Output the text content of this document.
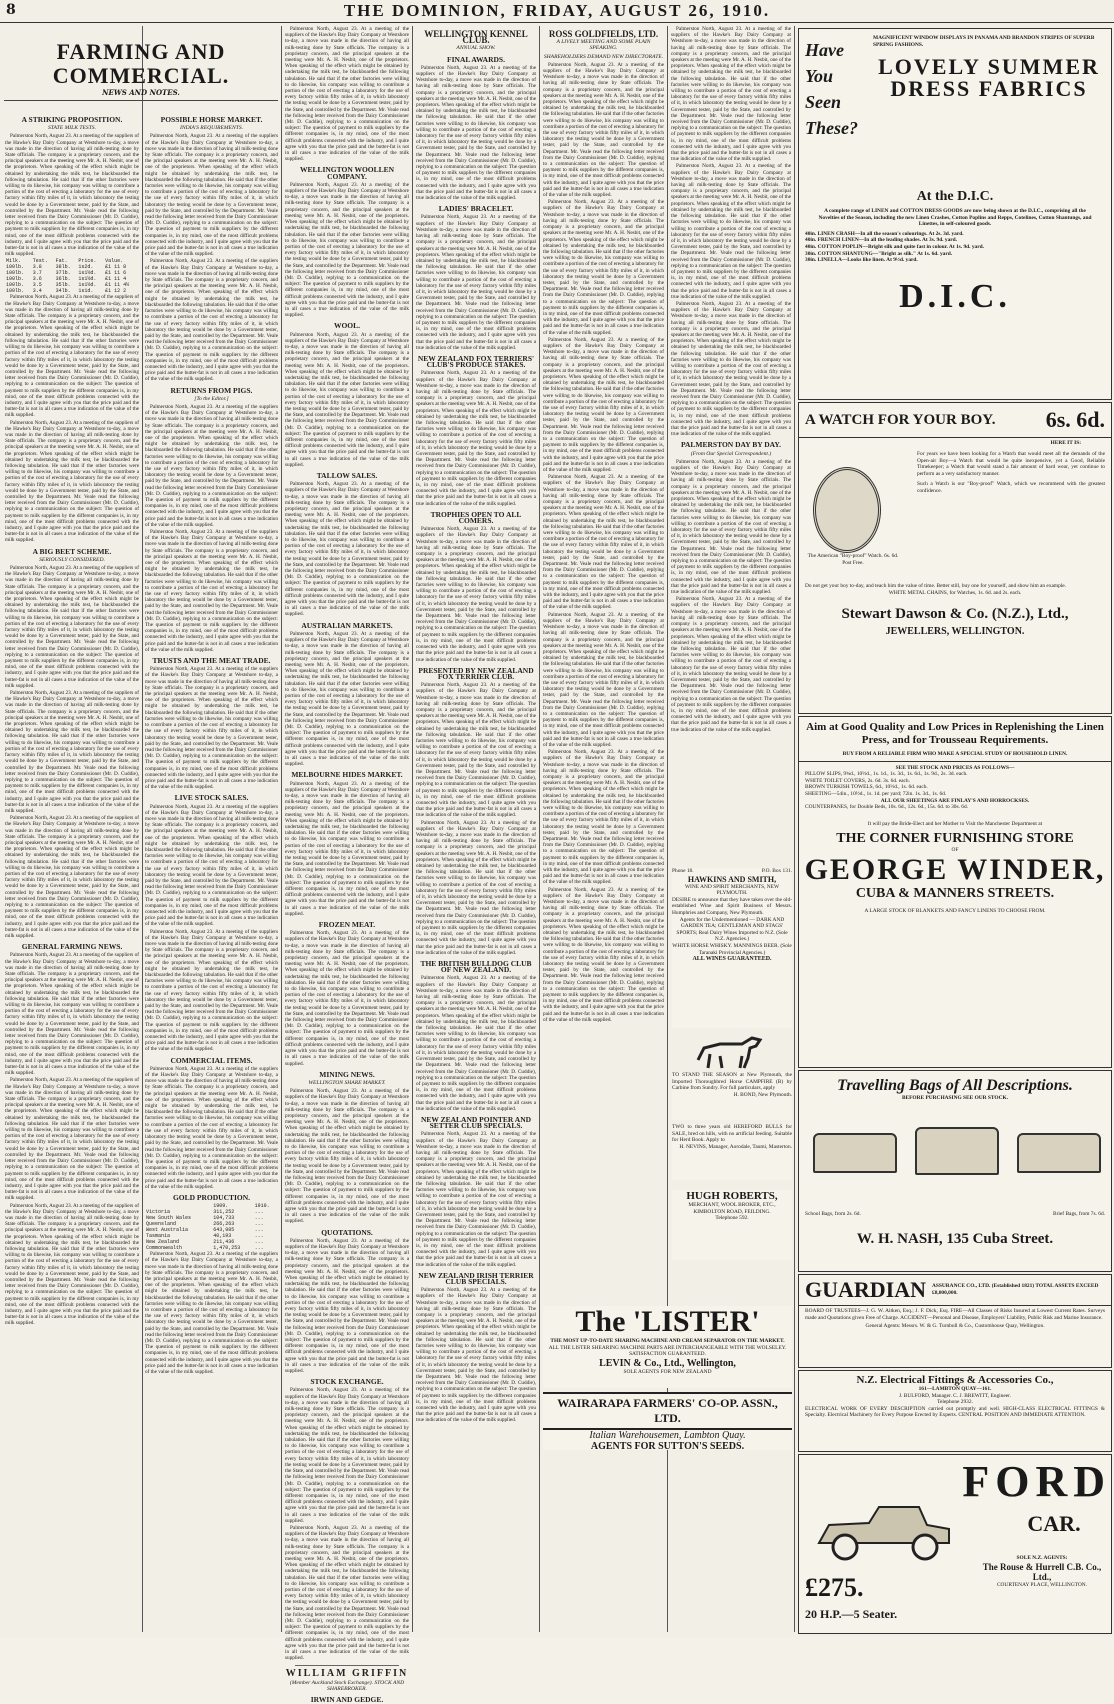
8	THE DOMINION, FRIDAY, AUGUST 26, 1910.
FARMING AND COMMERCIAL.
NEWS AND NOTES.
A STRIKING PROPOSITION.
STATE MILK TESTS.

Palmerston North, August 23. At a meeting of the suppliers of the Hawke's Bay Dairy Company at Westshore to-day, a move was made in the direction of having all milk-testing done by State officials. The company is a proprietary concern, and the principal speakers at the meeting were Mr. A. H. Nesbit, one of the proprietors. When speaking of the effect which might be obtained by undertaking the milk test, he blackboarded the following tabulation. He said that if the other factories were willing to do likewise, his company was willing to contribute a portion of the cost of erecting a laboratory for the use of every factory within fifty miles of it, in which laboratory the testing would be done by a Government tester, paid by the State, and controlled by the Department. Mr. Veale read the following letter received from the Dairy Commissioner (Mr. D. Cuddie), replying to a communication on the subject: The question of payment to milk suppliers by the different companies is, in my mind, one of the most difficult problems connected with the industry, and I quite agree with you that the price paid and the butter-fat is not in all cases a true indication of the value of the milk supplied.

Milk.	Test.	Fat.	Price.	Value.
100lb.	3.8	38lb.	1s2d.	£1 11 8
100lb.	3.7	37lb.	1s1½d.	£1 11 6
100lb.	3.6	36lb.	1s1½d.	£1 11 4
100lb.	3.5	35lb.	1s1½d.	£1 11 4½
100lb.	3.4	34lb.	1s1d.	£1 12 2

Palmerston North, August 23. At a meeting of the suppliers of the Hawke's Bay Dairy Company at Westshore to-day, a move was made in the direction of having all milk-testing done by State officials. The company is a proprietary concern, and the principal speakers at the meeting were Mr. A. H. Nesbit, one of the proprietors. When speaking of the effect which might be obtained by undertaking the milk test, he blackboarded the following tabulation. He said that if the other factories were willing to do likewise, his company was willing to contribute a portion of the cost of erecting a laboratory for the use of every factory within fifty miles of it, in which laboratory the testing would be done by a Government tester, paid by the State, and controlled by the Department. Mr. Veale read the following letter received from the Dairy Commissioner (Mr. D. Cuddie), replying to a communication on the subject: The question of payment to milk suppliers by the different companies is, in my mind, one of the most difficult problems connected with the industry, and I quite agree with you that the price paid and the butter-fat is not in all cases a true indication of the value of the milk supplied.

Palmerston North, August 23. At a meeting of the suppliers of the Hawke's Bay Dairy Company at Westshore to-day, a move was made in the direction of having all milk-testing done by State officials. The company is a proprietary concern, and the principal speakers at the meeting were Mr. A. H. Nesbit, one of the proprietors. When speaking of the effect which might be obtained by undertaking the milk test, he blackboarded the following tabulation. He said that if the other factories were willing to do likewise, his company was willing to contribute a portion of the cost of erecting a laboratory for the use of every factory within fifty miles of it, in which laboratory the testing would be done by a Government tester, paid by the State, and controlled by the Department. Mr. Veale read the following letter received from the Dairy Commissioner (Mr. D. Cuddie), replying to a communication on the subject: The question of payment to milk suppliers by the different companies is, in my mind, one of the most difficult problems connected with the industry, and I quite agree with you that the price paid and the butter-fat is not in all cases a true indication of the value of the milk supplied.

A BIG BEET SCHEME.
SERIOUSLY CONSIDERED.

Palmerston North, August 23. At a meeting of the suppliers of the Hawke's Bay Dairy Company at Westshore to-day, a move was made in the direction of having all milk-testing done by State officials. The company is a proprietary concern, and the principal speakers at the meeting were Mr. A. H. Nesbit, one of the proprietors. When speaking of the effect which might be obtained by undertaking the milk test, he blackboarded the following tabulation. He said that if the other factories were willing to do likewise, his company was willing to contribute a portion of the cost of erecting a laboratory for the use of every factory within fifty miles of it, in which laboratory the testing would be done by a Government tester, paid by the State, and controlled by the Department. Mr. Veale read the following letter received from the Dairy Commissioner (Mr. D. Cuddie), replying to a communication on the subject: The question of payment to milk suppliers by the different companies is, in my mind, one of the most difficult problems connected with the industry, and I quite agree with you that the price paid and the butter-fat is not in all cases a true indication of the value of the milk supplied.

Palmerston North, August 23. At a meeting of the suppliers of the Hawke's Bay Dairy Company at Westshore to-day, a move was made in the direction of having all milk-testing done by State officials. The company is a proprietary concern, and the principal speakers at the meeting were Mr. A. H. Nesbit, one of the proprietors. When speaking of the effect which might be obtained by undertaking the milk test, he blackboarded the following tabulation. He said that if the other factories were willing to do likewise, his company was willing to contribute a portion of the cost of erecting a laboratory for the use of every factory within fifty miles of it, in which laboratory the testing would be done by a Government tester, paid by the State, and controlled by the Department. Mr. Veale read the following letter received from the Dairy Commissioner (Mr. D. Cuddie), replying to a communication on the subject: The question of payment to milk suppliers by the different companies is, in my mind, one of the most difficult problems connected with the industry, and I quite agree with you that the price paid and the butter-fat is not in all cases a true indication of the value of the milk supplied.

Palmerston North, August 23. At a meeting of the suppliers of the Hawke's Bay Dairy Company at Westshore to-day, a move was made in the direction of having all milk-testing done by State officials. The company is a proprietary concern, and the principal speakers at the meeting were Mr. A. H. Nesbit, one of the proprietors. When speaking of the effect which might be obtained by undertaking the milk test, he blackboarded the following tabulation. He said that if the other factories were willing to do likewise, his company was willing to contribute a portion of the cost of erecting a laboratory for the use of every factory within fifty miles of it, in which laboratory the testing would be done by a Government tester, paid by the State, and controlled by the Department. Mr. Veale read the following letter received from the Dairy Commissioner (Mr. D. Cuddie), replying to a communication on the subject: The question of payment to milk suppliers by the different companies is, in my mind, one of the most difficult problems connected with the industry, and I quite agree with you that the price paid and the butter-fat is not in all cases a true indication of the value of the milk supplied.

GENERAL FARMING NEWS.

Palmerston North, August 23. At a meeting of the suppliers of the Hawke's Bay Dairy Company at Westshore to-day, a move was made in the direction of having all milk-testing done by State officials. The company is a proprietary concern, and the principal speakers at the meeting were Mr. A. H. Nesbit, one of the proprietors. When speaking of the effect which might be obtained by undertaking the milk test, he blackboarded the following tabulation. He said that if the other factories were willing to do likewise, his company was willing to contribute a portion of the cost of erecting a laboratory for the use of every factory within fifty miles of it, in which laboratory the testing would be done by a Government tester, paid by the State, and controlled by the Department. Mr. Veale read the following letter received from the Dairy Commissioner (Mr. D. Cuddie), replying to a communication on the subject: The question of payment to milk suppliers by the different companies is, in my mind, one of the most difficult problems connected with the industry, and I quite agree with you that the price paid and the butter-fat is not in all cases a true indication of the value of the milk supplied.

Palmerston North, August 23. At a meeting of the suppliers of the Hawke's Bay Dairy Company at Westshore to-day, a move was made in the direction of having all milk-testing done by State officials. The company is a proprietary concern, and the principal speakers at the meeting were Mr. A. H. Nesbit, one of the proprietors. When speaking of the effect which might be obtained by undertaking the milk test, he blackboarded the following tabulation. He said that if the other factories were willing to do likewise, his company was willing to contribute a portion of the cost of erecting a laboratory for the use of every factory within fifty miles of it, in which laboratory the testing would be done by a Government tester, paid by the State, and controlled by the Department. Mr. Veale read the following letter received from the Dairy Commissioner (Mr. D. Cuddie), replying to a communication on the subject: The question of payment to milk suppliers by the different companies is, in my mind, one of the most difficult problems connected with the industry, and I quite agree with you that the price paid and the butter-fat is not in all cases a true indication of the value of the milk supplied.

Palmerston North, August 23. At a meeting of the suppliers of the Hawke's Bay Dairy Company at Westshore to-day, a move was made in the direction of having all milk-testing done by State officials. The company is a proprietary concern, and the principal speakers at the meeting were Mr. A. H. Nesbit, one of the proprietors. When speaking of the effect which might be obtained by undertaking the milk test, he blackboarded the following tabulation. He said that if the other factories were willing to do likewise, his company was willing to contribute a portion of the cost of erecting a laboratory for the use of every factory within fifty miles of it, in which laboratory the testing would be done by a Government tester, paid by the State, and controlled by the Department. Mr. Veale read the following letter received from the Dairy Commissioner (Mr. D. Cuddie), replying to a communication on the subject: The question of payment to milk suppliers by the different companies is, in my mind, one of the most difficult problems connected with the industry, and I quite agree with you that the price paid and the butter-fat is not in all cases a true indication of the value of the milk supplied.

POSSIBLE HORSE MARKET.
INDIA'S REQUIREMENTS.

Palmerston North, August 23. At a meeting of the suppliers of the Hawke's Bay Dairy Company at Westshore to-day, a move was made in the direction of having all milk-testing done by State officials. The company is a proprietary concern, and the principal speakers at the meeting were Mr. A. H. Nesbit, one of the proprietors. When speaking of the effect which might be obtained by undertaking the milk test, he blackboarded the following tabulation. He said that if the other factories were willing to do likewise, his company was willing to contribute a portion of the cost of erecting a laboratory for the use of every factory within fifty miles of it, in which laboratory the testing would be done by a Government tester, paid by the State, and controlled by the Department. Mr. Veale read the following letter received from the Dairy Commissioner (Mr. D. Cuddie), replying to a communication on the subject: The question of payment to milk suppliers by the different companies is, in my mind, one of the most difficult problems connected with the industry, and I quite agree with you that the price paid and the butter-fat is not in all cases a true indication of the value of the milk supplied.

Palmerston North, August 23. At a meeting of the suppliers of the Hawke's Bay Dairy Company at Westshore to-day, a move was made in the direction of having all milk-testing done by State officials. The company is a proprietary concern, and the principal speakers at the meeting were Mr. A. H. Nesbit, one of the proprietors. When speaking of the effect which might be obtained by undertaking the milk test, he blackboarded the following tabulation. He said that if the other factories were willing to do likewise, his company was willing to contribute a portion of the cost of erecting a laboratory for the use of every factory within fifty miles of it, in which laboratory the testing would be done by a Government tester, paid by the State, and controlled by the Department. Mr. Veale read the following letter received from the Dairy Commissioner (Mr. D. Cuddie), replying to a communication on the subject: The question of payment to milk suppliers by the different companies is, in my mind, one of the most difficult problems connected with the industry, and I quite agree with you that the price paid and the butter-fat is not in all cases a true indication of the value of the milk supplied.

RETURNS FROM PIGS.
[To the Editor.]

Palmerston North, August 23. At a meeting of the suppliers of the Hawke's Bay Dairy Company at Westshore to-day, a move was made in the direction of having all milk-testing done by State officials. The company is a proprietary concern, and the principal speakers at the meeting were Mr. A. H. Nesbit, one of the proprietors. When speaking of the effect which might be obtained by undertaking the milk test, he blackboarded the following tabulation. He said that if the other factories were willing to do likewise, his company was willing to contribute a portion of the cost of erecting a laboratory for the use of every factory within fifty miles of it, in which laboratory the testing would be done by a Government tester, paid by the State, and controlled by the Department. Mr. Veale read the following letter received from the Dairy Commissioner (Mr. D. Cuddie), replying to a communication on the subject: The question of payment to milk suppliers by the different companies is, in my mind, one of the most difficult problems connected with the industry, and I quite agree with you that the price paid and the butter-fat is not in all cases a true indication of the value of the milk supplied.

Palmerston North, August 23. At a meeting of the suppliers of the Hawke's Bay Dairy Company at Westshore to-day, a move was made in the direction of having all milk-testing done by State officials. The company is a proprietary concern, and the principal speakers at the meeting were Mr. A. H. Nesbit, one of the proprietors. When speaking of the effect which might be obtained by undertaking the milk test, he blackboarded the following tabulation. He said that if the other factories were willing to do likewise, his company was willing to contribute a portion of the cost of erecting a laboratory for the use of every factory within fifty miles of it, in which laboratory the testing would be done by a Government tester, paid by the State, and controlled by the Department. Mr. Veale read the following letter received from the Dairy Commissioner (Mr. D. Cuddie), replying to a communication on the subject: The question of payment to milk suppliers by the different companies is, in my mind, one of the most difficult problems connected with the industry, and I quite agree with you that the price paid and the butter-fat is not in all cases a true indication of the value of the milk supplied.

TRUSTS AND THE MEAT TRADE.

Palmerston North, August 23. At a meeting of the suppliers of the Hawke's Bay Dairy Company at Westshore to-day, a move was made in the direction of having all milk-testing done by State officials. The company is a proprietary concern, and the principal speakers at the meeting were Mr. A. H. Nesbit, one of the proprietors. When speaking of the effect which might be obtained by undertaking the milk test, he blackboarded the following tabulation. He said that if the other factories were willing to do likewise, his company was willing to contribute a portion of the cost of erecting a laboratory for the use of every factory within fifty miles of it, in which laboratory the testing would be done by a Government tester, paid by the State, and controlled by the Department. Mr. Veale read the following letter received from the Dairy Commissioner (Mr. D. Cuddie), replying to a communication on the subject: The question of payment to milk suppliers by the different companies is, in my mind, one of the most difficult problems connected with the industry, and I quite agree with you that the price paid and the butter-fat is not in all cases a true indication of the value of the milk supplied.

LIVE STOCK SALES.

Palmerston North, August 23. At a meeting of the suppliers of the Hawke's Bay Dairy Company at Westshore to-day, a move was made in the direction of having all milk-testing done by State officials. The company is a proprietary concern, and the principal speakers at the meeting were Mr. A. H. Nesbit, one of the proprietors. When speaking of the effect which might be obtained by undertaking the milk test, he blackboarded the following tabulation. He said that if the other factories were willing to do likewise, his company was willing to contribute a portion of the cost of erecting a laboratory for the use of every factory within fifty miles of it, in which laboratory the testing would be done by a Government tester, paid by the State, and controlled by the Department. Mr. Veale read the following letter received from the Dairy Commissioner (Mr. D. Cuddie), replying to a communication on the subject: The question of payment to milk suppliers by the different companies is, in my mind, one of the most difficult problems connected with the industry, and I quite agree with you that the price paid and the butter-fat is not in all cases a true indication of the value of the milk supplied.

Palmerston North, August 23. At a meeting of the suppliers of the Hawke's Bay Dairy Company at Westshore to-day, a move was made in the direction of having all milk-testing done by State officials. The company is a proprietary concern, and the principal speakers at the meeting were Mr. A. H. Nesbit, one of the proprietors. When speaking of the effect which might be obtained by undertaking the milk test, he blackboarded the following tabulation. He said that if the other factories were willing to do likewise, his company was willing to contribute a portion of the cost of erecting a laboratory for the use of every factory within fifty miles of it, in which laboratory the testing would be done by a Government tester, paid by the State, and controlled by the Department. Mr. Veale read the following letter received from the Dairy Commissioner (Mr. D. Cuddie), replying to a communication on the subject: The question of payment to milk suppliers by the different companies is, in my mind, one of the most difficult problems connected with the industry, and I quite agree with you that the price paid and the butter-fat is not in all cases a true indication of the value of the milk supplied.

COMMERCIAL ITEMS.

Palmerston North, August 23. At a meeting of the suppliers of the Hawke's Bay Dairy Company at Westshore to-day, a move was made in the direction of having all milk-testing done by State officials. The company is a proprietary concern, and the principal speakers at the meeting were Mr. A. H. Nesbit, one of the proprietors. When speaking of the effect which might be obtained by undertaking the milk test, he blackboarded the following tabulation. He said that if the other factories were willing to do likewise, his company was willing to contribute a portion of the cost of erecting a laboratory for the use of every factory within fifty miles of it, in which laboratory the testing would be done by a Government tester, paid by the State, and controlled by the Department. Mr. Veale read the following letter received from the Dairy Commissioner (Mr. D. Cuddie), replying to a communication on the subject: The question of payment to milk suppliers by the different companies is, in my mind, one of the most difficult problems connected with the industry, and I quite agree with you that the price paid and the butter-fat is not in all cases a true indication of the value of the milk supplied.

GOLD PRODUCTION.
	1909.	1910.
Victoria	311,252	...
New South Wales	104,733	...
Queensland	266,263	...
West Australia	643,985	...
Tasmania	40,193	...
New Zealand	211,436	...
Commonwealth	1,470,253	...

Palmerston North, August 23. At a meeting of the suppliers of the Hawke's Bay Dairy Company at Westshore to-day, a move was made in the direction of having all milk-testing done by State officials. The company is a proprietary concern, and the principal speakers at the meeting were Mr. A. H. Nesbit, one of the proprietors. When speaking of the effect which might be obtained by undertaking the milk test, he blackboarded the following tabulation. He said that if the other factories were willing to do likewise, his company was willing to contribute a portion of the cost of erecting a laboratory for the use of every factory within fifty miles of it, in which laboratory the testing would be done by a Government tester, paid by the State, and controlled by the Department. Mr. Veale read the following letter received from the Dairy Commissioner (Mr. D. Cuddie), replying to a communication on the subject: The question of payment to milk suppliers by the different companies is, in my mind, one of the most difficult problems connected with the industry, and I quite agree with you that the price paid and the butter-fat is not in all cases a true indication of the value of the milk supplied.

Palmerston North, August 23. At a meeting of the suppliers of the Hawke's Bay Dairy Company at Westshore to-day, a move was made in the direction of having all milk-testing done by State officials. The company is a proprietary concern, and the principal speakers at the meeting were Mr. A. H. Nesbit, one of the proprietors. When speaking of the effect which might be obtained by undertaking the milk test, he blackboarded the following tabulation. He said that if the other factories were willing to do likewise, his company was willing to contribute a portion of the cost of erecting a laboratory for the use of every factory within fifty miles of it, in which laboratory the testing would be done by a Government tester, paid by the State, and controlled by the Department. Mr. Veale read the following letter received from the Dairy Commissioner (Mr. D. Cuddie), replying to a communication on the subject: The question of payment to milk suppliers by the different companies is, in my mind, one of the most difficult problems connected with the industry, and I quite agree with you that the price paid and the butter-fat is not in all cases a true indication of the value of the milk supplied.

WELLINGTON WOOLLEN COMPANY.

Palmerston North, August 23. At a meeting of the suppliers of the Hawke's Bay Dairy Company at Westshore to-day, a move was made in the direction of having all milk-testing done by State officials. The company is a proprietary concern, and the principal speakers at the meeting were Mr. A. H. Nesbit, one of the proprietors. When speaking of the effect which might be obtained by undertaking the milk test, he blackboarded the following tabulation. He said that if the other factories were willing to do likewise, his company was willing to contribute a portion of the cost of erecting a laboratory for the use of every factory within fifty miles of it, in which laboratory the testing would be done by a Government tester, paid by the State, and controlled by the Department. Mr. Veale read the following letter received from the Dairy Commissioner (Mr. D. Cuddie), replying to a communication on the subject: The question of payment to milk suppliers by the different companies is, in my mind, one of the most difficult problems connected with the industry, and I quite agree with you that the price paid and the butter-fat is not in all cases a true indication of the value of the milk supplied.

WOOL.

Palmerston North, August 23. At a meeting of the suppliers of the Hawke's Bay Dairy Company at Westshore to-day, a move was made in the direction of having all milk-testing done by State officials. The company is a proprietary concern, and the principal speakers at the meeting were Mr. A. H. Nesbit, one of the proprietors. When speaking of the effect which might be obtained by undertaking the milk test, he blackboarded the following tabulation. He said that if the other factories were willing to do likewise, his company was willing to contribute a portion of the cost of erecting a laboratory for the use of every factory within fifty miles of it, in which laboratory the testing would be done by a Government tester, paid by the State, and controlled by the Department. Mr. Veale read the following letter received from the Dairy Commissioner (Mr. D. Cuddie), replying to a communication on the subject: The question of payment to milk suppliers by the different companies is, in my mind, one of the most difficult problems connected with the industry, and I quite agree with you that the price paid and the butter-fat is not in all cases a true indication of the value of the milk supplied.

TALLOW SALES.

Palmerston North, August 23. At a meeting of the suppliers of the Hawke's Bay Dairy Company at Westshore to-day, a move was made in the direction of having all milk-testing done by State officials. The company is a proprietary concern, and the principal speakers at the meeting were Mr. A. H. Nesbit, one of the proprietors. When speaking of the effect which might be obtained by undertaking the milk test, he blackboarded the following tabulation. He said that if the other factories were willing to do likewise, his company was willing to contribute a portion of the cost of erecting a laboratory for the use of every factory within fifty miles of it, in which laboratory the testing would be done by a Government tester, paid by the State, and controlled by the Department. Mr. Veale read the following letter received from the Dairy Commissioner (Mr. D. Cuddie), replying to a communication on the subject: The question of payment to milk suppliers by the different companies is, in my mind, one of the most difficult problems connected with the industry, and I quite agree with you that the price paid and the butter-fat is not in all cases a true indication of the value of the milk supplied.

AUSTRALIAN MARKETS.

Palmerston North, August 23. At a meeting of the suppliers of the Hawke's Bay Dairy Company at Westshore to-day, a move was made in the direction of having all milk-testing done by State officials. The company is a proprietary concern, and the principal speakers at the meeting were Mr. A. H. Nesbit, one of the proprietors. When speaking of the effect which might be obtained by undertaking the milk test, he blackboarded the following tabulation. He said that if the other factories were willing to do likewise, his company was willing to contribute a portion of the cost of erecting a laboratory for the use of every factory within fifty miles of it, in which laboratory the testing would be done by a Government tester, paid by the State, and controlled by the Department. Mr. Veale read the following letter received from the Dairy Commissioner (Mr. D. Cuddie), replying to a communication on the subject: The question of payment to milk suppliers by the different companies is, in my mind, one of the most difficult problems connected with the industry, and I quite agree with you that the price paid and the butter-fat is not in all cases a true indication of the value of the milk supplied.

MELBOURNE HIDES MARKET.

Palmerston North, August 23. At a meeting of the suppliers of the Hawke's Bay Dairy Company at Westshore to-day, a move was made in the direction of having all milk-testing done by State officials. The company is a proprietary concern, and the principal speakers at the meeting were Mr. A. H. Nesbit, one of the proprietors. When speaking of the effect which might be obtained by undertaking the milk test, he blackboarded the following tabulation. He said that if the other factories were willing to do likewise, his company was willing to contribute a portion of the cost of erecting a laboratory for the use of every factory within fifty miles of it, in which laboratory the testing would be done by a Government tester, paid by the State, and controlled by the Department. Mr. Veale read the following letter received from the Dairy Commissioner (Mr. D. Cuddie), replying to a communication on the subject: The question of payment to milk suppliers by the different companies is, in my mind, one of the most difficult problems connected with the industry, and I quite agree with you that the price paid and the butter-fat is not in all cases a true indication of the value of the milk supplied.

FROZEN MEAT.

Palmerston North, August 23. At a meeting of the suppliers of the Hawke's Bay Dairy Company at Westshore to-day, a move was made in the direction of having all milk-testing done by State officials. The company is a proprietary concern, and the principal speakers at the meeting were Mr. A. H. Nesbit, one of the proprietors. When speaking of the effect which might be obtained by undertaking the milk test, he blackboarded the following tabulation. He said that if the other factories were willing to do likewise, his company was willing to contribute a portion of the cost of erecting a laboratory for the use of every factory within fifty miles of it, in which laboratory the testing would be done by a Government tester, paid by the State, and controlled by the Department. Mr. Veale read the following letter received from the Dairy Commissioner (Mr. D. Cuddie), replying to a communication on the subject: The question of payment to milk suppliers by the different companies is, in my mind, one of the most difficult problems connected with the industry, and I quite agree with you that the price paid and the butter-fat is not in all cases a true indication of the value of the milk supplied.

MINING NEWS.
WELLINGTON SHARE MARKET.

Palmerston North, August 23. At a meeting of the suppliers of the Hawke's Bay Dairy Company at Westshore to-day, a move was made in the direction of having all milk-testing done by State officials. The company is a proprietary concern, and the principal speakers at the meeting were Mr. A. H. Nesbit, one of the proprietors. When speaking of the effect which might be obtained by undertaking the milk test, he blackboarded the following tabulation. He said that if the other factories were willing to do likewise, his company was willing to contribute a portion of the cost of erecting a laboratory for the use of every factory within fifty miles of it, in which laboratory the testing would be done by a Government tester, paid by the State, and controlled by the Department. Mr. Veale read the following letter received from the Dairy Commissioner (Mr. D. Cuddie), replying to a communication on the subject: The question of payment to milk suppliers by the different companies is, in my mind, one of the most difficult problems connected with the industry, and I quite agree with you that the price paid and the butter-fat is not in all cases a true indication of the value of the milk supplied.

QUOTATIONS.

Palmerston North, August 23. At a meeting of the suppliers of the Hawke's Bay Dairy Company at Westshore to-day, a move was made in the direction of having all milk-testing done by State officials. The company is a proprietary concern, and the principal speakers at the meeting were Mr. A. H. Nesbit, one of the proprietors. When speaking of the effect which might be obtained by undertaking the milk test, he blackboarded the following tabulation. He said that if the other factories were willing to do likewise, his company was willing to contribute a portion of the cost of erecting a laboratory for the use of every factory within fifty miles of it, in which laboratory the testing would be done by a Government tester, paid by the State, and controlled by the Department. Mr. Veale read the following letter received from the Dairy Commissioner (Mr. D. Cuddie), replying to a communication on the subject: The question of payment to milk suppliers by the different companies is, in my mind, one of the most difficult problems connected with the industry, and I quite agree with you that the price paid and the butter-fat is not in all cases a true indication of the value of the milk supplied.

STOCK EXCHANGE.

Palmerston North, August 23. At a meeting of the suppliers of the Hawke's Bay Dairy Company at Westshore to-day, a move was made in the direction of having all milk-testing done by State officials. The company is a proprietary concern, and the principal speakers at the meeting were Mr. A. H. Nesbit, one of the proprietors. When speaking of the effect which might be obtained by undertaking the milk test, he blackboarded the following tabulation. He said that if the other factories were willing to do likewise, his company was willing to contribute a portion of the cost of erecting a laboratory for the use of every factory within fifty miles of it, in which laboratory the testing would be done by a Government tester, paid by the State, and controlled by the Department. Mr. Veale read the following letter received from the Dairy Commissioner (Mr. D. Cuddie), replying to a communication on the subject: The question of payment to milk suppliers by the different companies is, in my mind, one of the most difficult problems connected with the industry, and I quite agree with you that the price paid and the butter-fat is not in all cases a true indication of the value of the milk supplied.

Palmerston North, August 23. At a meeting of the suppliers of the Hawke's Bay Dairy Company at Westshore to-day, a move was made in the direction of having all milk-testing done by State officials. The company is a proprietary concern, and the principal speakers at the meeting were Mr. A. H. Nesbit, one of the proprietors. When speaking of the effect which might be obtained by undertaking the milk test, he blackboarded the following tabulation. He said that if the other factories were willing to do likewise, his company was willing to contribute a portion of the cost of erecting a laboratory for the use of every factory within fifty miles of it, in which laboratory the testing would be done by a Government tester, paid by the State, and controlled by the Department. Mr. Veale read the following letter received from the Dairy Commissioner (Mr. D. Cuddie), replying to a communication on the subject: The question of payment to milk suppliers by the different companies is, in my mind, one of the most difficult problems connected with the industry, and I quite agree with you that the price paid and the butter-fat is not in all cases a true indication of the value of the milk supplied.

WILLIAM GRIFFIN
(Member Auckland Stock Exchange). STOCK AND SHAREBROKER.
IRWIN AND GEDGE.
WELLINGTON KENNEL CLUB.
ANNUAL SHOW.
FINAL AWARDS.

Palmerston North, August 23. At a meeting of the suppliers of the Hawke's Bay Dairy Company at Westshore to-day, a move was made in the direction of having all milk-testing done by State officials. The company is a proprietary concern, and the principal speakers at the meeting were Mr. A. H. Nesbit, one of the proprietors. When speaking of the effect which might be obtained by undertaking the milk test, he blackboarded the following tabulation. He said that if the other factories were willing to do likewise, his company was willing to contribute a portion of the cost of erecting a laboratory for the use of every factory within fifty miles of it, in which laboratory the testing would be done by a Government tester, paid by the State, and controlled by the Department. Mr. Veale read the following letter received from the Dairy Commissioner (Mr. D. Cuddie), replying to a communication on the subject: The question of payment to milk suppliers by the different companies is, in my mind, one of the most difficult problems connected with the industry, and I quite agree with you that the price paid and the butter-fat is not in all cases a true indication of the value of the milk supplied.

LADIES' BRACELET.

Palmerston North, August 23. At a meeting of the suppliers of the Hawke's Bay Dairy Company at Westshore to-day, a move was made in the direction of having all milk-testing done by State officials. The company is a proprietary concern, and the principal speakers at the meeting were Mr. A. H. Nesbit, one of the proprietors. When speaking of the effect which might be obtained by undertaking the milk test, he blackboarded the following tabulation. He said that if the other factories were willing to do likewise, his company was willing to contribute a portion of the cost of erecting a laboratory for the use of every factory within fifty miles of it, in which laboratory the testing would be done by a Government tester, paid by the State, and controlled by the Department. Mr. Veale read the following letter received from the Dairy Commissioner (Mr. D. Cuddie), replying to a communication on the subject: The question of payment to milk suppliers by the different companies is, in my mind, one of the most difficult problems connected with the industry, and I quite agree with you that the price paid and the butter-fat is not in all cases a true indication of the value of the milk supplied.

NEW ZEALAND FOX TERRIERS' CLUB'S PRODUCE STAKES.

Palmerston North, August 23. At a meeting of the suppliers of the Hawke's Bay Dairy Company at Westshore to-day, a move was made in the direction of having all milk-testing done by State officials. The company is a proprietary concern, and the principal speakers at the meeting were Mr. A. H. Nesbit, one of the proprietors. When speaking of the effect which might be obtained by undertaking the milk test, he blackboarded the following tabulation. He said that if the other factories were willing to do likewise, his company was willing to contribute a portion of the cost of erecting a laboratory for the use of every factory within fifty miles of it, in which laboratory the testing would be done by a Government tester, paid by the State, and controlled by the Department. Mr. Veale read the following letter received from the Dairy Commissioner (Mr. D. Cuddie), replying to a communication on the subject: The question of payment to milk suppliers by the different companies is, in my mind, one of the most difficult problems connected with the industry, and I quite agree with you that the price paid and the butter-fat is not in all cases a true indication of the value of the milk supplied.

TROPHIES OPEN TO ALL COMERS.

Palmerston North, August 23. At a meeting of the suppliers of the Hawke's Bay Dairy Company at Westshore to-day, a move was made in the direction of having all milk-testing done by State officials. The company is a proprietary concern, and the principal speakers at the meeting were Mr. A. H. Nesbit, one of the proprietors. When speaking of the effect which might be obtained by undertaking the milk test, he blackboarded the following tabulation. He said that if the other factories were willing to do likewise, his company was willing to contribute a portion of the cost of erecting a laboratory for the use of every factory within fifty miles of it, in which laboratory the testing would be done by a Government tester, paid by the State, and controlled by the Department. Mr. Veale read the following letter received from the Dairy Commissioner (Mr. D. Cuddie), replying to a communication on the subject: The question of payment to milk suppliers by the different companies is, in my mind, one of the most difficult problems connected with the industry, and I quite agree with you that the price paid and the butter-fat is not in all cases a true indication of the value of the milk supplied.

PRESENTED BY NEW ZEALAND FOX TERRIER CLUB.

Palmerston North, August 23. At a meeting of the suppliers of the Hawke's Bay Dairy Company at Westshore to-day, a move was made in the direction of having all milk-testing done by State officials. The company is a proprietary concern, and the principal speakers at the meeting were Mr. A. H. Nesbit, one of the proprietors. When speaking of the effect which might be obtained by undertaking the milk test, he blackboarded the following tabulation. He said that if the other factories were willing to do likewise, his company was willing to contribute a portion of the cost of erecting a laboratory for the use of every factory within fifty miles of it, in which laboratory the testing would be done by a Government tester, paid by the State, and controlled by the Department. Mr. Veale read the following letter received from the Dairy Commissioner (Mr. D. Cuddie), replying to a communication on the subject: The question of payment to milk suppliers by the different companies is, in my mind, one of the most difficult problems connected with the industry, and I quite agree with you that the price paid and the butter-fat is not in all cases a true indication of the value of the milk supplied.

Palmerston North, August 23. At a meeting of the suppliers of the Hawke's Bay Dairy Company at Westshore to-day, a move was made in the direction of having all milk-testing done by State officials. The company is a proprietary concern, and the principal speakers at the meeting were Mr. A. H. Nesbit, one of the proprietors. When speaking of the effect which might be obtained by undertaking the milk test, he blackboarded the following tabulation. He said that if the other factories were willing to do likewise, his company was willing to contribute a portion of the cost of erecting a laboratory for the use of every factory within fifty miles of it, in which laboratory the testing would be done by a Government tester, paid by the State, and controlled by the Department. Mr. Veale read the following letter received from the Dairy Commissioner (Mr. D. Cuddie), replying to a communication on the subject: The question of payment to milk suppliers by the different companies is, in my mind, one of the most difficult problems connected with the industry, and I quite agree with you that the price paid and the butter-fat is not in all cases a true indication of the value of the milk supplied.

THE BRITISH BULLDOG CLUB OF NEW ZEALAND.

Palmerston North, August 23. At a meeting of the suppliers of the Hawke's Bay Dairy Company at Westshore to-day, a move was made in the direction of having all milk-testing done by State officials. The company is a proprietary concern, and the principal speakers at the meeting were Mr. A. H. Nesbit, one of the proprietors. When speaking of the effect which might be obtained by undertaking the milk test, he blackboarded the following tabulation. He said that if the other factories were willing to do likewise, his company was willing to contribute a portion of the cost of erecting a laboratory for the use of every factory within fifty miles of it, in which laboratory the testing would be done by a Government tester, paid by the State, and controlled by the Department. Mr. Veale read the following letter received from the Dairy Commissioner (Mr. D. Cuddie), replying to a communication on the subject: The question of payment to milk suppliers by the different companies is, in my mind, one of the most difficult problems connected with the industry, and I quite agree with you that the price paid and the butter-fat is not in all cases a true indication of the value of the milk supplied.

NEW ZEALAND POINTER AND SETTER CLUB SPECIALS.

Palmerston North, August 23. At a meeting of the suppliers of the Hawke's Bay Dairy Company at Westshore to-day, a move was made in the direction of having all milk-testing done by State officials. The company is a proprietary concern, and the principal speakers at the meeting were Mr. A. H. Nesbit, one of the proprietors. When speaking of the effect which might be obtained by undertaking the milk test, he blackboarded the following tabulation. He said that if the other factories were willing to do likewise, his company was willing to contribute a portion of the cost of erecting a laboratory for the use of every factory within fifty miles of it, in which laboratory the testing would be done by a Government tester, paid by the State, and controlled by the Department. Mr. Veale read the following letter received from the Dairy Commissioner (Mr. D. Cuddie), replying to a communication on the subject: The question of payment to milk suppliers by the different companies is, in my mind, one of the most difficult problems connected with the industry, and I quite agree with you that the price paid and the butter-fat is not in all cases a true indication of the value of the milk supplied.

NEW ZEALAND IRISH TERRIER CLUB SPECIALS.

Palmerston North, August 23. At a meeting of the suppliers of the Hawke's Bay Dairy Company at Westshore to-day, a move was made in the direction of having all milk-testing done by State officials. The company is a proprietary concern, and the principal speakers at the meeting were Mr. A. H. Nesbit, one of the proprietors. When speaking of the effect which might be obtained by undertaking the milk test, he blackboarded the following tabulation. He said that if the other factories were willing to do likewise, his company was willing to contribute a portion of the cost of erecting a laboratory for the use of every factory within fifty miles of it, in which laboratory the testing would be done by a Government tester, paid by the State, and controlled by the Department. Mr. Veale read the following letter received from the Dairy Commissioner (Mr. D. Cuddie), replying to a communication on the subject: The question of payment to milk suppliers by the different companies is, in my mind, one of the most difficult problems connected with the industry, and I quite agree with you that the price paid and the butter-fat is not in all cases a true indication of the value of the milk supplied.

ROSS GOLDFIELDS, LTD.
A LIVELY MEETING AND SOME PLAIN SPEAKING.
SHAREHOLDERS DEMAND NEW DIRECTORATE.

Palmerston North, August 23. At a meeting of the suppliers of the Hawke's Bay Dairy Company at Westshore to-day, a move was made in the direction of having all milk-testing done by State officials. The company is a proprietary concern, and the principal speakers at the meeting were Mr. A. H. Nesbit, one of the proprietors. When speaking of the effect which might be obtained by undertaking the milk test, he blackboarded the following tabulation. He said that if the other factories were willing to do likewise, his company was willing to contribute a portion of the cost of erecting a laboratory for the use of every factory within fifty miles of it, in which laboratory the testing would be done by a Government tester, paid by the State, and controlled by the Department. Mr. Veale read the following letter received from the Dairy Commissioner (Mr. D. Cuddie), replying to a communication on the subject: The question of payment to milk suppliers by the different companies is, in my mind, one of the most difficult problems connected with the industry, and I quite agree with you that the price paid and the butter-fat is not in all cases a true indication of the value of the milk supplied.

Palmerston North, August 23. At a meeting of the suppliers of the Hawke's Bay Dairy Company at Westshore to-day, a move was made in the direction of having all milk-testing done by State officials. The company is a proprietary concern, and the principal speakers at the meeting were Mr. A. H. Nesbit, one of the proprietors. When speaking of the effect which might be obtained by undertaking the milk test, he blackboarded the following tabulation. He said that if the other factories were willing to do likewise, his company was willing to contribute a portion of the cost of erecting a laboratory for the use of every factory within fifty miles of it, in which laboratory the testing would be done by a Government tester, paid by the State, and controlled by the Department. Mr. Veale read the following letter received from the Dairy Commissioner (Mr. D. Cuddie), replying to a communication on the subject: The question of payment to milk suppliers by the different companies is, in my mind, one of the most difficult problems connected with the industry, and I quite agree with you that the price paid and the butter-fat is not in all cases a true indication of the value of the milk supplied.

Palmerston North, August 23. At a meeting of the suppliers of the Hawke's Bay Dairy Company at Westshore to-day, a move was made in the direction of having all milk-testing done by State officials. The company is a proprietary concern, and the principal speakers at the meeting were Mr. A. H. Nesbit, one of the proprietors. When speaking of the effect which might be obtained by undertaking the milk test, he blackboarded the following tabulation. He said that if the other factories were willing to do likewise, his company was willing to contribute a portion of the cost of erecting a laboratory for the use of every factory within fifty miles of it, in which laboratory the testing would be done by a Government tester, paid by the State, and controlled by the Department. Mr. Veale read the following letter received from the Dairy Commissioner (Mr. D. Cuddie), replying to a communication on the subject: The question of payment to milk suppliers by the different companies is, in my mind, one of the most difficult problems connected with the industry, and I quite agree with you that the price paid and the butter-fat is not in all cases a true indication of the value of the milk supplied.

Palmerston North, August 23. At a meeting of the suppliers of the Hawke's Bay Dairy Company at Westshore to-day, a move was made in the direction of having all milk-testing done by State officials. The company is a proprietary concern, and the principal speakers at the meeting were Mr. A. H. Nesbit, one of the proprietors. When speaking of the effect which might be obtained by undertaking the milk test, he blackboarded the following tabulation. He said that if the other factories were willing to do likewise, his company was willing to contribute a portion of the cost of erecting a laboratory for the use of every factory within fifty miles of it, in which laboratory the testing would be done by a Government tester, paid by the State, and controlled by the Department. Mr. Veale read the following letter received from the Dairy Commissioner (Mr. D. Cuddie), replying to a communication on the subject: The question of payment to milk suppliers by the different companies is, in my mind, one of the most difficult problems connected with the industry, and I quite agree with you that the price paid and the butter-fat is not in all cases a true indication of the value of the milk supplied.

Palmerston North, August 23. At a meeting of the suppliers of the Hawke's Bay Dairy Company at Westshore to-day, a move was made in the direction of having all milk-testing done by State officials. The company is a proprietary concern, and the principal speakers at the meeting were Mr. A. H. Nesbit, one of the proprietors. When speaking of the effect which might be obtained by undertaking the milk test, he blackboarded the following tabulation. He said that if the other factories were willing to do likewise, his company was willing to contribute a portion of the cost of erecting a laboratory for the use of every factory within fifty miles of it, in which laboratory the testing would be done by a Government tester, paid by the State, and controlled by the Department. Mr. Veale read the following letter received from the Dairy Commissioner (Mr. D. Cuddie), replying to a communication on the subject: The question of payment to milk suppliers by the different companies is, in my mind, one of the most difficult problems connected with the industry, and I quite agree with you that the price paid and the butter-fat is not in all cases a true indication of the value of the milk supplied.

Palmerston North, August 23. At a meeting of the suppliers of the Hawke's Bay Dairy Company at Westshore to-day, a move was made in the direction of having all milk-testing done by State officials. The company is a proprietary concern, and the principal speakers at the meeting were Mr. A. H. Nesbit, one of the proprietors. When speaking of the effect which might be obtained by undertaking the milk test, he blackboarded the following tabulation. He said that if the other factories were willing to do likewise, his company was willing to contribute a portion of the cost of erecting a laboratory for the use of every factory within fifty miles of it, in which laboratory the testing would be done by a Government tester, paid by the State, and controlled by the Department. Mr. Veale read the following letter received from the Dairy Commissioner (Mr. D. Cuddie), replying to a communication on the subject: The question of payment to milk suppliers by the different companies is, in my mind, one of the most difficult problems connected with the industry, and I quite agree with you that the price paid and the butter-fat is not in all cases a true indication of the value of the milk supplied.

Palmerston North, August 23. At a meeting of the suppliers of the Hawke's Bay Dairy Company at Westshore to-day, a move was made in the direction of having all milk-testing done by State officials. The company is a proprietary concern, and the principal speakers at the meeting were Mr. A. H. Nesbit, one of the proprietors. When speaking of the effect which might be obtained by undertaking the milk test, he blackboarded the following tabulation. He said that if the other factories were willing to do likewise, his company was willing to contribute a portion of the cost of erecting a laboratory for the use of every factory within fifty miles of it, in which laboratory the testing would be done by a Government tester, paid by the State, and controlled by the Department. Mr. Veale read the following letter received from the Dairy Commissioner (Mr. D. Cuddie), replying to a communication on the subject: The question of payment to milk suppliers by the different companies is, in my mind, one of the most difficult problems connected with the industry, and I quite agree with you that the price paid and the butter-fat is not in all cases a true indication of the value of the milk supplied.

Palmerston North, August 23. At a meeting of the suppliers of the Hawke's Bay Dairy Company at Westshore to-day, a move was made in the direction of having all milk-testing done by State officials. The company is a proprietary concern, and the principal speakers at the meeting were Mr. A. H. Nesbit, one of the proprietors. When speaking of the effect which might be obtained by undertaking the milk test, he blackboarded the following tabulation. He said that if the other factories were willing to do likewise, his company was willing to contribute a portion of the cost of erecting a laboratory for the use of every factory within fifty miles of it, in which laboratory the testing would be done by a Government tester, paid by the State, and controlled by the Department. Mr. Veale read the following letter received from the Dairy Commissioner (Mr. D. Cuddie), replying to a communication on the subject: The question of payment to milk suppliers by the different companies is, in my mind, one of the most difficult problems connected with the industry, and I quite agree with you that the price paid and the butter-fat is not in all cases a true indication of the value of the milk supplied.

Palmerston North, August 23. At a meeting of the suppliers of the Hawke's Bay Dairy Company at Westshore to-day, a move was made in the direction of having all milk-testing done by State officials. The company is a proprietary concern, and the principal speakers at the meeting were Mr. A. H. Nesbit, one of the proprietors. When speaking of the effect which might be obtained by undertaking the milk test, he blackboarded the following tabulation. He said that if the other factories were willing to do likewise, his company was willing to contribute a portion of the cost of erecting a laboratory for the use of every factory within fifty miles of it, in which laboratory the testing would be done by a Government tester, paid by the State, and controlled by the Department. Mr. Veale read the following letter received from the Dairy Commissioner (Mr. D. Cuddie), replying to a communication on the subject: The question of payment to milk suppliers by the different companies is, in my mind, one of the most difficult problems connected with the industry, and I quite agree with you that the price paid and the butter-fat is not in all cases a true indication of the value of the milk supplied.

Palmerston North, August 23. At a meeting of the suppliers of the Hawke's Bay Dairy Company at Westshore to-day, a move was made in the direction of having all milk-testing done by State officials. The company is a proprietary concern, and the principal speakers at the meeting were Mr. A. H. Nesbit, one of the proprietors. When speaking of the effect which might be obtained by undertaking the milk test, he blackboarded the following tabulation. He said that if the other factories were willing to do likewise, his company was willing to contribute a portion of the cost of erecting a laboratory for the use of every factory within fifty miles of it, in which laboratory the testing would be done by a Government tester, paid by the State, and controlled by the Department. Mr. Veale read the following letter received from the Dairy Commissioner (Mr. D. Cuddie), replying to a communication on the subject: The question of payment to milk suppliers by the different companies is, in my mind, one of the most difficult problems connected with the industry, and I quite agree with you that the price paid and the butter-fat is not in all cases a true indication of the value of the milk supplied.

PALMERSTON DAY BY DAY.
(From Our Special Correspondent.)

Palmerston North, August 23. At a meeting of the suppliers of the Hawke's Bay Dairy Company at Westshore to-day, a move was made in the direction of having all milk-testing done by State officials. The company is a proprietary concern, and the principal speakers at the meeting were Mr. A. H. Nesbit, one of the proprietors. When speaking of the effect which might be obtained by undertaking the milk test, he blackboarded the following tabulation. He said that if the other factories were willing to do likewise, his company was willing to contribute a portion of the cost of erecting a laboratory for the use of every factory within fifty miles of it, in which laboratory the testing would be done by a Government tester, paid by the State, and controlled by the Department. Mr. Veale read the following letter received from the Dairy Commissioner (Mr. D. Cuddie), replying to a communication on the subject: The question of payment to milk suppliers by the different companies is, in my mind, one of the most difficult problems connected with the industry, and I quite agree with you that the price paid and the butter-fat is not in all cases a true indication of the value of the milk supplied.

Palmerston North, August 23. At a meeting of the suppliers of the Hawke's Bay Dairy Company at Westshore to-day, a move was made in the direction of having all milk-testing done by State officials. The company is a proprietary concern, and the principal speakers at the meeting were Mr. A. H. Nesbit, one of the proprietors. When speaking of the effect which might be obtained by undertaking the milk test, he blackboarded the following tabulation. He said that if the other factories were willing to do likewise, his company was willing to contribute a portion of the cost of erecting a laboratory for the use of every factory within fifty miles of it, in which laboratory the testing would be done by a Government tester, paid by the State, and controlled by the Department. Mr. Veale read the following letter received from the Dairy Commissioner (Mr. D. Cuddie), replying to a communication on the subject: The question of payment to milk suppliers by the different companies is, in my mind, one of the most difficult problems connected with the industry, and I quite agree with you that the price paid and the butter-fat is not in all cases a true indication of the value of the milk supplied.

Phone 18.	P.O. Box 131.
HAWKINS AND SMITH,
WINE AND SPIRIT MERCHANTS, NEW PLYMOUTH.
DESIRE to announce that they have taken over the old-established Wine and Spirit Business of Messrs. Humphries and Company, New Plymouth.
Agents for the Undermentioned — DARK AND GARDEN TEA; GENTLEMAN AND STAGS' SPORTS; Real Dairy Wines Imported to N.Z. (Sole N.Z. Agencies.)
WHITE HORSE WHISKY. MANNINGS BEER. (Sole Taranaki Provincial Agencies.)
ALL WINES GUARANTEED.
TO STAND THE SEASON at New Plymouth, the Imported Thoroughbred Horse CAMPFIRE (B) by Carbine from Sundry. For full particulars, apply
H. BOND, New Plymouth.
TWO to three years old HEREFORD BULLS for SALE, bred on hills, with no artificial feeding. Suitable for Herd Book. Apply to
H. NEVINS, Manager, Aorodale, Taumi, Masterton.
HUGH ROBERTS,
MERCHANT, WOOL BROKER, ETC., KIMBOLTON ROAD, FEILDING.
Telephone 592.
The 'LISTER'
THE MOST UP-TO-DATE SHARING MACHINE AND CREAM SEPARATOR ON THE MARKET.
ALL THE LISTER SHEARING MACHINE PARTS ARE INTERCHANGEABLE WITH THE WOLSELEY. SATISFACTION GUARANTEED.
LEVIN & Co., Ltd., Wellington,
SOLE AGENTS FOR NEW ZEALAND
WAIRARAPA FARMERS' CO-OP. ASSN., LTD.
Italian Warehousemen, Lambton Quay.
AGENTS FOR SUTTON'S SEEDS.
Have
You
Seen
These?
MAGNIFICENT WINDOW DISPLAYS IN PANAMA AND BRANDON STRIPES OF SUPERB SPRING FASHIONS.
LOVELY SUMMER DRESS FABRICS
At the D.I.C.
A complete range of LINEN and COTTON DRESS GOODS are now being shown at the D.I.C., comprising all the Novelties of the Season, including the new Linen Crashes, Cotton Poplins and Repps, Cotelines, Cotton Shantungs, and Linettes, in self-coloured goods.
40in. LINEN CRASH—In all the season's colourings. At 2s. 3d. yard.
40in. FRENCH LINEN—In all the leading shades. At 3s. 9d. yard.
40in. COTTON POPLIN—Bright silk and quite fast in colour. At 1s. 9d. yard.
30in. COTTON SHANTUNG—"Bright as silk." At 1s. 6d. yard.
30in. LINELLA—Looks like linen. At 9½d. yard.
D.I.C.
A WATCH FOR YOUR BOY. 6s. 6d.
HERE IT IS:
The American "Boy-proof" Watch. 6s. 6d. Post Free.
For years we have been looking for a Watch that would meet all the demands of the Open-air Boy—a Watch that would be quite inexpensive, yet a Good, Reliable Timekeeper; a Watch that would stand a fair amount of hard wear, yet continue to perform as a very satisfactory manner.
Such a Watch is our "Boy-proof" Watch, which we recommend with the greatest confidence.
Do not get your boy to-day, and teach him the value of time. Better still, buy one for yourself, and show him an example.
WHITE METAL CHAINS, for Watches, 1s. 6d. and 2s. each.
Stewart Dawson & Co. (N.Z.), Ltd.,
JEWELLERS, WELLINGTON.
Aim at Good Quality and Low Prices in Replenishing the Linen Press, and for Trousseau Requirements.
BUY FROM A RELIABLE FIRM WHO MAKE A SPECIAL STUDY OF HOUSEHOLD LINEN.
SEE THE STOCK AND PRICES AS FOLLOWS—
PILLOW SLIPS, 9¾d., 10½d., 1s. 1d., 1s. 3d., 1s. 6d., 1s. 9d., 2s. 3d. each.
WHITE TOILET COVERS, 2s. 6d. 3s. 6d. each.
BROWN TURKISH TOWELS, 6d., 10½d., 1s. 6d. each.
SHEETING—54in., 10½d., 1s. 1d. per yard; 72in. 1s. 3d., 1s. 6d.
ALL OUR SHEETINGS ARE FINLAY'S AND HORROCKSES.
COUNTERPANES, for Double Beds, 10s. 6d., 12s. 6d., 15s. 6d. to 30s. 6d.
It will pay the Bride-Elect and her Mother to Visit the Manchester Department at
THE CORNER FURNISHING STORE
OF
GEORGE WINDER,
CUBA & MANNERS STREETS.
A LARGE STOCK OF BLANKETS AND FANCY LINENS TO CHOOSE FROM.
Travelling Bags of All Descriptions.
BEFORE PURCHASING SEE OUR STOCK.
School Bags, from 2s. 6d.	Brief Bags, from 7s. 6d.
W. H. NASH, 135 Cuba Street.
GUARDIAN ASSURANCE CO., LTD. (Established 1821) TOTAL ASSETS EXCEED £8,000,000.
BOARD OF TRUSTEES—J. G. W. Aitken, Esq.; J. F. Dick, Esq. FIRE—All Classes of Risks Insured at Lowest Current Rates. Surveys made and Quotations given Free of Charge. ACCIDENT—Personal and Disease, Employers' Liability, Public Risk and Marine Insurance.
General Agents: Messrs. W. & G. Turnbull & Co., Customhouse Quay, Wellington.
N.Z. Electrical Fittings & Accessories Co.,
161—LAMBTON QUAY—161.
J. BULFORD, Manager. C. J. BREWITT, Engineer.
Telephone 2932.
ELECTRICAL WORK OF EVERY DESCRIPTION carried out promptly and well. HIGH-CLASS ELECTRICAL FITTINGS & Specialty. Electrical Machinery for Every Purpose Erected by Experts. CENTRAL POSITION AND IMMEDIATE ATTENTION.
FORD
CAR.
£275.
20 H.P.—5 Seater.
SOLE N.Z. AGENTS:
The Rouse & Hurrell C.B. Co., Ltd.,
COURTENAY PLACE, WELLINGTON.
